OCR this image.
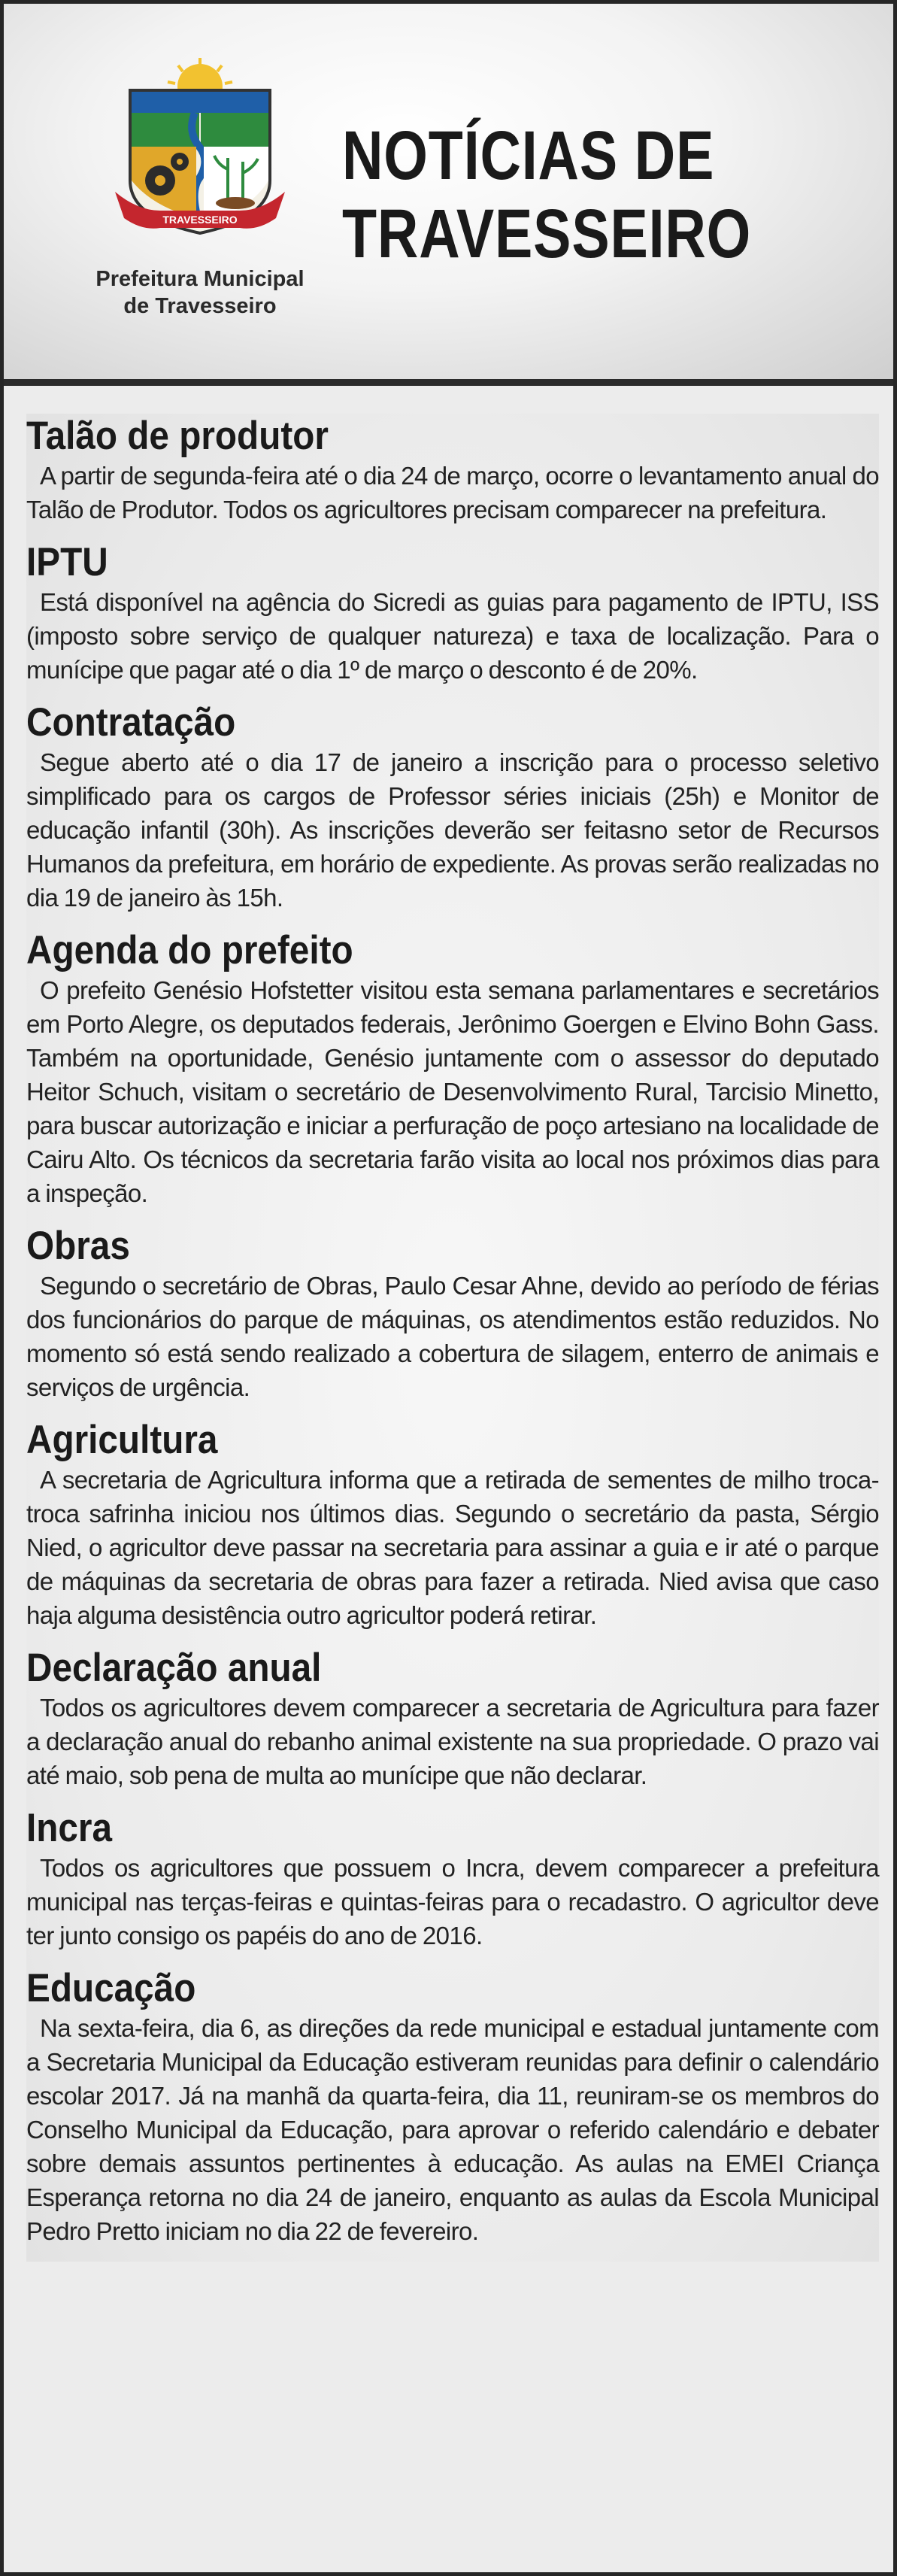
TRAVESSEIRO
Prefeitura Municipal
de Travesseiro
NOTÍCIAS DE
TRAVESSEIRO
Talão de produtor

A partir de segunda-feira até o dia 24 de março, ocorre o levantamento anual do Talão de Produtor. Todos os agricultores precisam comparecer na prefeitura.

IPTU

Está disponível na agência do Sicredi as guias para pagamento de IPTU, ISS (imposto sobre serviço de qualquer natureza) e taxa de localização. Para o munícipe que pagar até o dia 1º de março o desconto é de 20%.

Contratação

Segue aberto até o dia 17 de janeiro a inscrição para o processo seletivo simplificado para os cargos de Professor séries iniciais (25h) e Monitor de educação infantil (30h). As inscrições deverão ser feitasno setor de Recursos Humanos da prefeitura, em horário de expediente. As provas serão realizadas no dia 19 de janeiro às 15h.

Agenda do prefeito

O prefeito Genésio Hofstetter visitou esta semana parlamentares e secretários em Porto Alegre, os deputados federais, Jerônimo Goergen e Elvino Bohn Gass. Também na oportunidade, Genésio juntamente com o assessor do deputado Heitor Schuch, visitam o secretário de Desenvolvimento Rural, Tarcisio Minetto, para buscar autorização e iniciar a perfuração de poço artesiano na localidade de Cairu Alto. Os técnicos da secretaria farão visita ao local nos próximos dias para a inspeção.

Obras

Segundo o secretário de Obras, Paulo Cesar Ahne, devido ao período de férias dos funcionários do parque de máquinas, os atendimentos estão reduzidos. No momento só está sendo realizado a cobertura de silagem, enterro de animais e serviços de urgência.

Agricultura

A secretaria de Agricultura informa que a retirada de sementes de milho troca-troca safrinha iniciou nos últimos dias. Segundo o secretário da pasta, Sérgio Nied, o agricultor deve passar na secretaria para assinar a guia e ir até o parque de máquinas da secretaria de obras para fazer a retirada. Nied avisa que caso haja alguma desistência outro agricultor poderá retirar.

Declaração anual

Todos os agricultores devem comparecer a secretaria de Agricultura para fazer a declaração anual do rebanho animal existente na sua propriedade. O prazo vai até maio, sob pena de multa ao munícipe que não declarar.

Incra

Todos os agricultores que possuem o Incra, devem comparecer a prefeitura municipal nas terças-feiras e quintas-feiras para o recadastro. O agricultor deve ter junto consigo os papéis do ano de 2016.

Educação

Na sexta-feira, dia 6, as direções da rede municipal e estadual juntamente com a Secretaria Municipal da Educação estiveram reunidas para definir o calendário escolar 2017. Já na manhã da quarta-feira, dia 11, reuniram-se os membros do Conselho Municipal da Educação, para aprovar o referido calendário e debater sobre demais assuntos pertinentes à educação. As aulas na EMEI Criança Esperança retorna no dia 24 de janeiro, enquanto as aulas da Escola Municipal Pedro Pretto iniciam no dia 22 de fevereiro.
